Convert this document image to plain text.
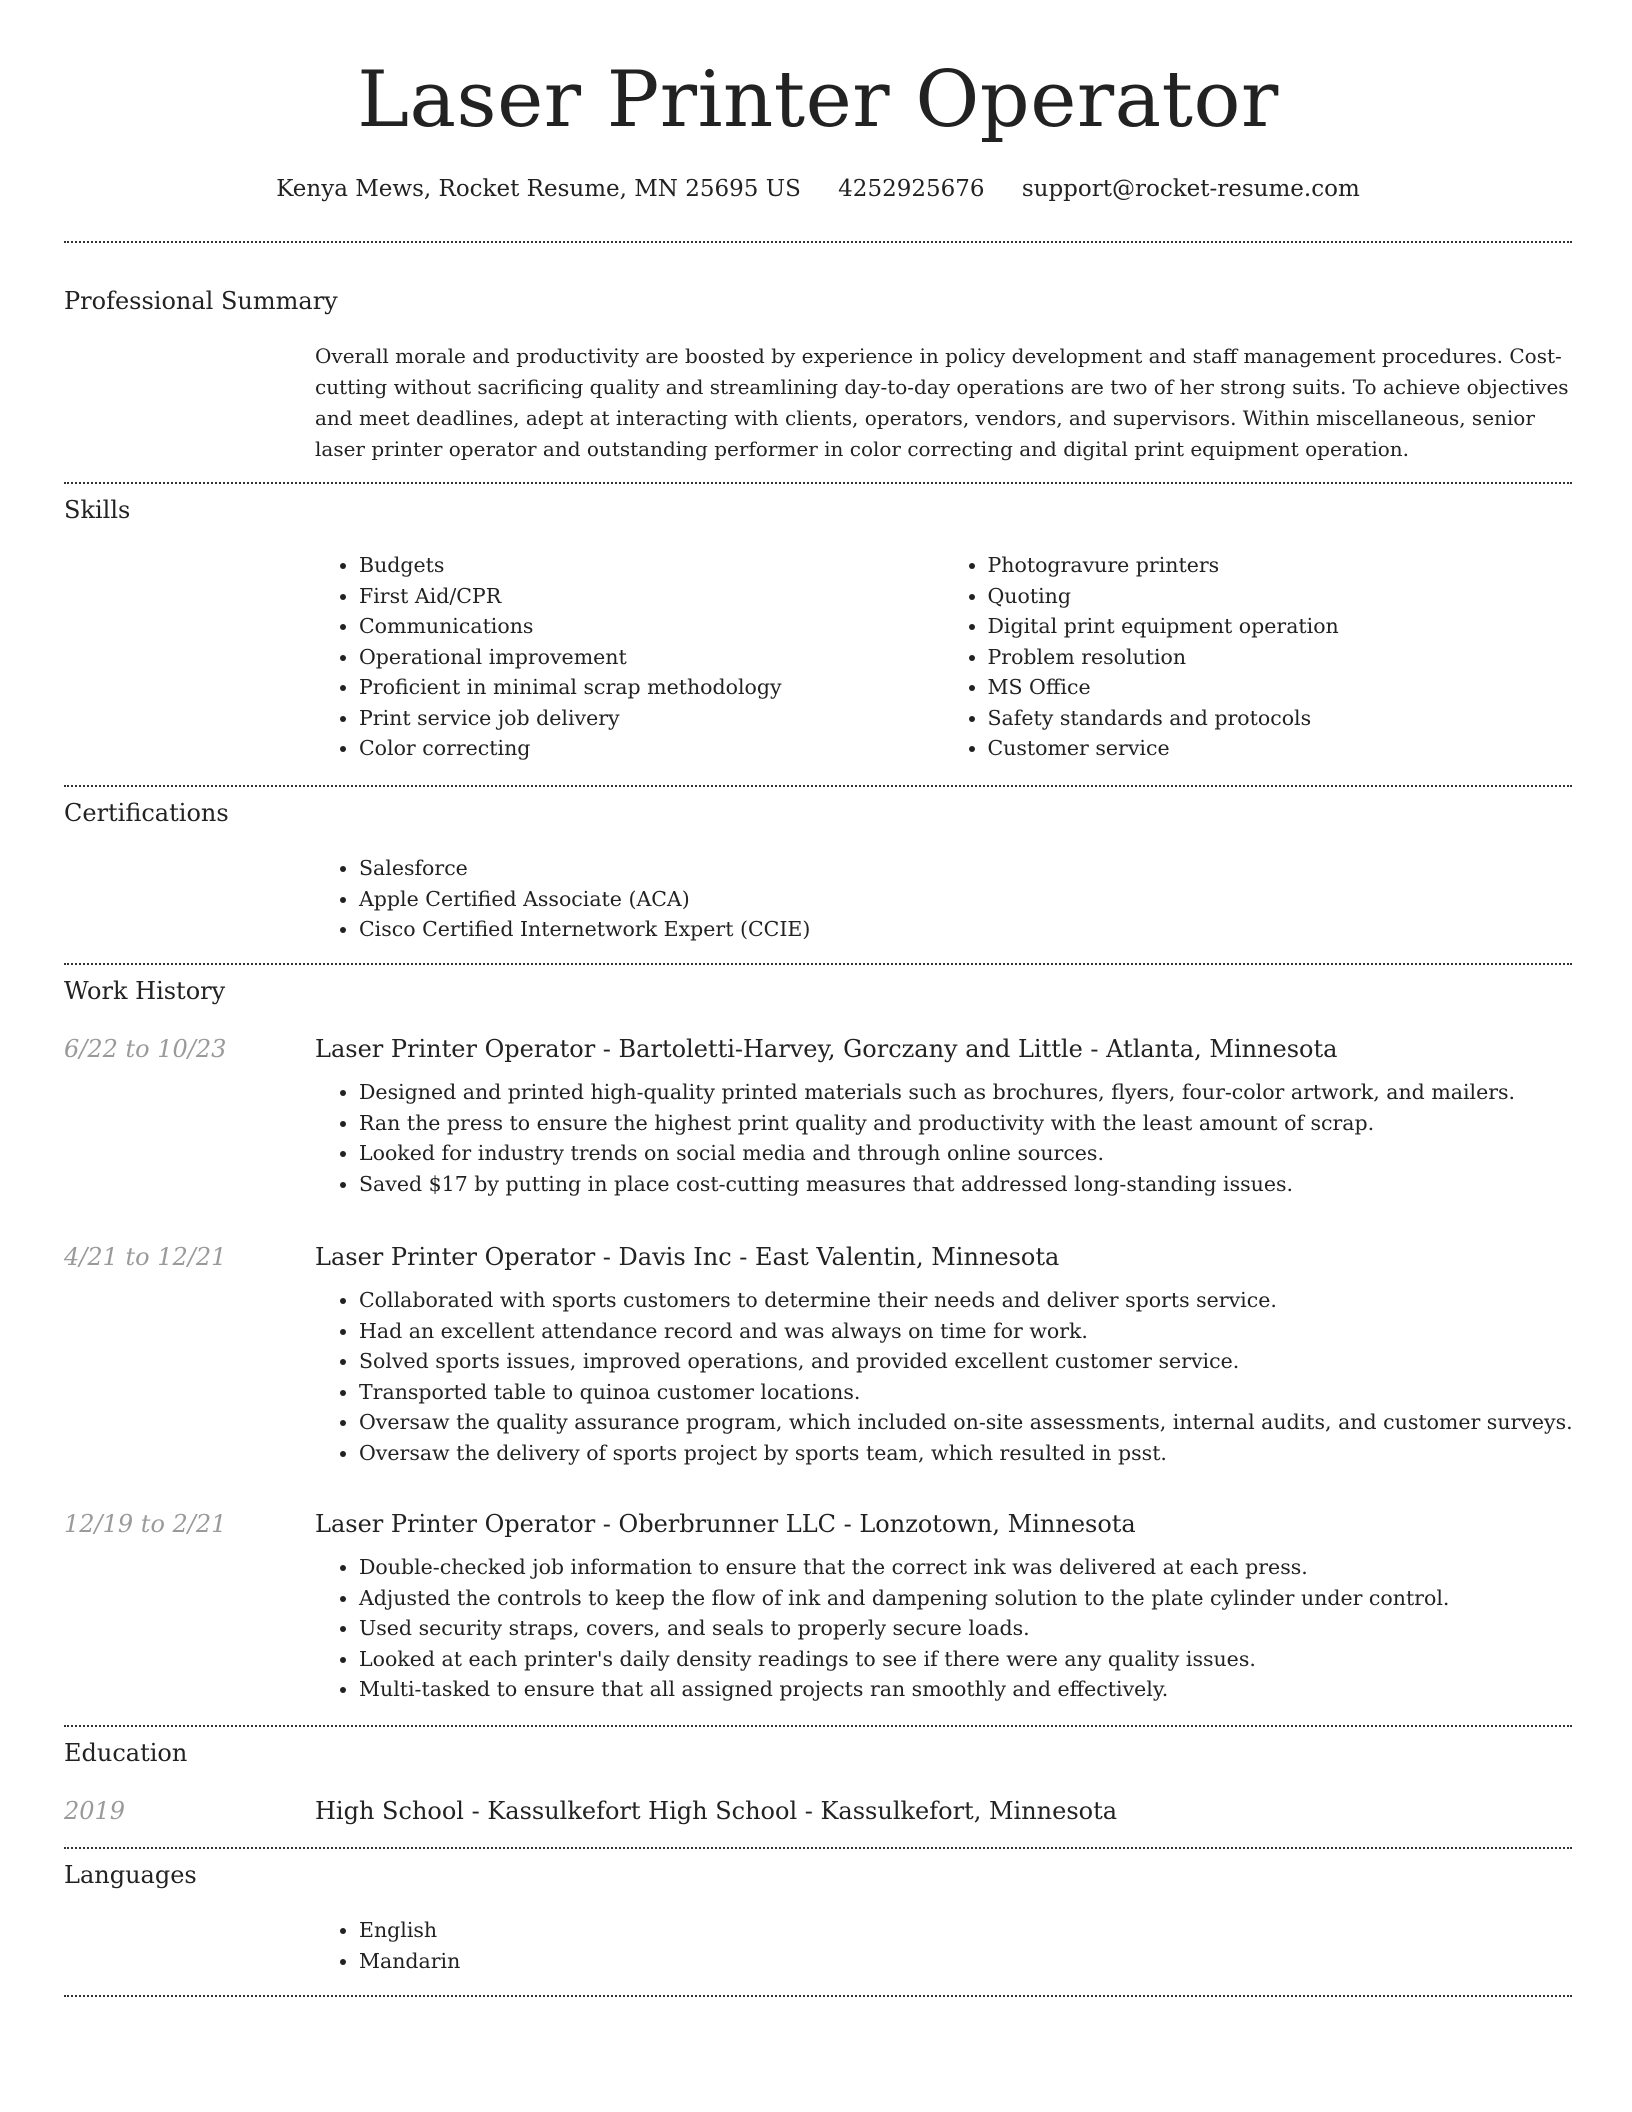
Laser Printer Operator
Kenya Mews, Rocket Resume, MN 25695 US 4252925676 support@rocket-resume.com
Professional Summary

Overall morale and productivity are boosted by experience in policy development and staff management procedures. Cost-cutting without sacrificing quality and streamlining day-to-day operations are two of her strong suits. To achieve objectives and meet deadlines, adept at interacting with clients, operators, vendors, and supervisors. Within miscellaneous, senior laser printer operator and outstanding performer in color correcting and digital print equipment operation.

Skills
• Budgets
• First Aid/CPR
• Communications
• Operational improvement
• Proficient in minimal scrap methodology
• Print service job delivery
• Color correcting
• Photogravure printers
• Quoting
• Digital print equipment operation
• Problem resolution
• MS Office
• Safety standards and protocols
• Customer service
Certifications
• Salesforce
• Apple Certified Associate (ACA)
• Cisco Certified Internetwork Expert (CCIE)
Work History
6/22 to 10/23	Laser Printer Operator - Bartoletti-Harvey, Gorczany and Little - Atlanta, Minnesota

• Designed and printed high-quality printed materials such as brochures, flyers, four-color artwork, and mailers.
• Ran the press to ensure the highest print quality and productivity with the least amount of scrap.
• Looked for industry trends on social media and through online sources.
• Saved $17 by putting in place cost-cutting measures that addressed long-standing issues.
4/21 to 12/21	Laser Printer Operator - Davis Inc - East Valentin, Minnesota

• Collaborated with sports customers to determine their needs and deliver sports service.
• Had an excellent attendance record and was always on time for work.
• Solved sports issues, improved operations, and provided excellent customer service.
• Transported table to quinoa customer locations.
• Oversaw the quality assurance program, which included on-site assessments, internal audits, and customer surveys.
• Oversaw the delivery of sports project by sports team, which resulted in psst.
12/19 to 2/21	Laser Printer Operator - Oberbrunner LLC - Lonzotown, Minnesota

• Double-checked job information to ensure that the correct ink was delivered at each press.
• Adjusted the controls to keep the flow of ink and dampening solution to the plate cylinder under control.
• Used security straps, covers, and seals to properly secure loads.
• Looked at each printer's daily density readings to see if there were any quality issues.
• Multi-tasked to ensure that all assigned projects ran smoothly and effectively.
Education
2019	High School - Kassulkefort High School - Kassulkefort, Minnesota

Languages
• English
• Mandarin
